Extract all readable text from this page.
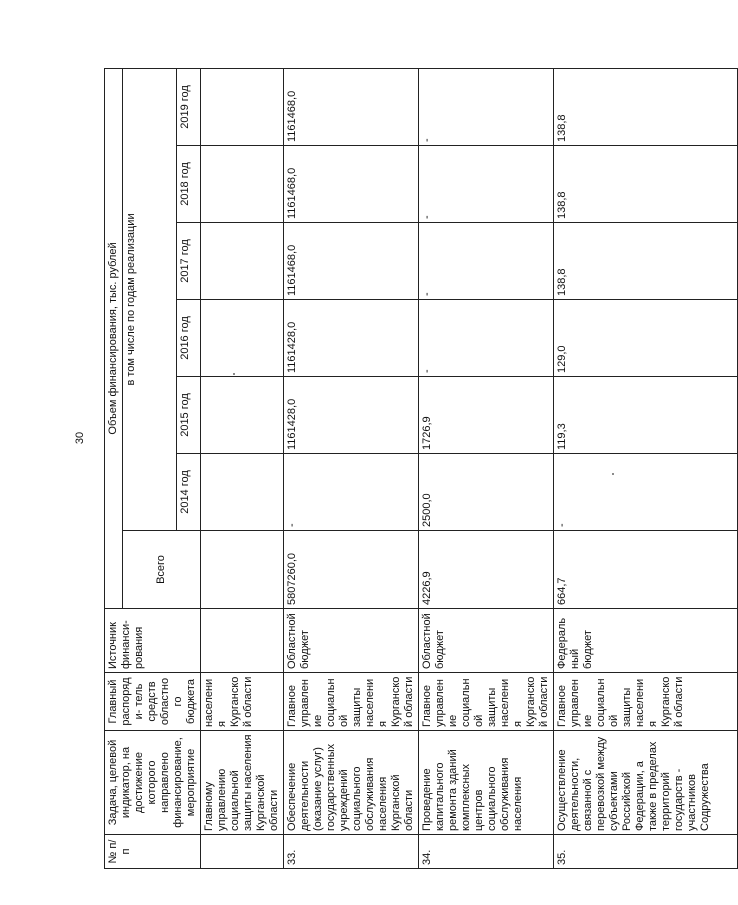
30
№ п/п	Задача, целевой индикатор, на достижение которого направлено финансирование, мероприятие	Главный распоряди- тель средств областного бюджета	Источник финанси- рования	Объем финансирования, тыс. рублей						
				Всего	в том числе по годам реализации					
					2014 год	2015 год	2016 год	2017 год	2018 год	2019 год
	Главному управлению социальной защиты населения Курганской области	населения Курганской области								
33.	Обеспечение деятельности (оказание услуг) государственных учреждений социального обслуживания населения Курганской области	Главное управление социальной защиты населения Курганской области	Областной бюджет	5807260,0	-	1161428,0	1161428,0	1161468,0	1161468,0	1161468,0
34.	Проведение капитального ремонта зданий комплексных центров социального обслуживания населения	Главное управление социальной защиты населения Курганской области	Областной бюджет	4226,9	2500,0	1726,9	-	-	-	-
35.	Осуществление деятельности, связанной с перевозкой между субъектами Российской Федерации, а также в пределах территорий государств - участников Содружества	Главное управление социальной защиты населения Курганской области	Федеральный бюджет	664,7	-	119,3	129,0	138,8	138,8	138,8
